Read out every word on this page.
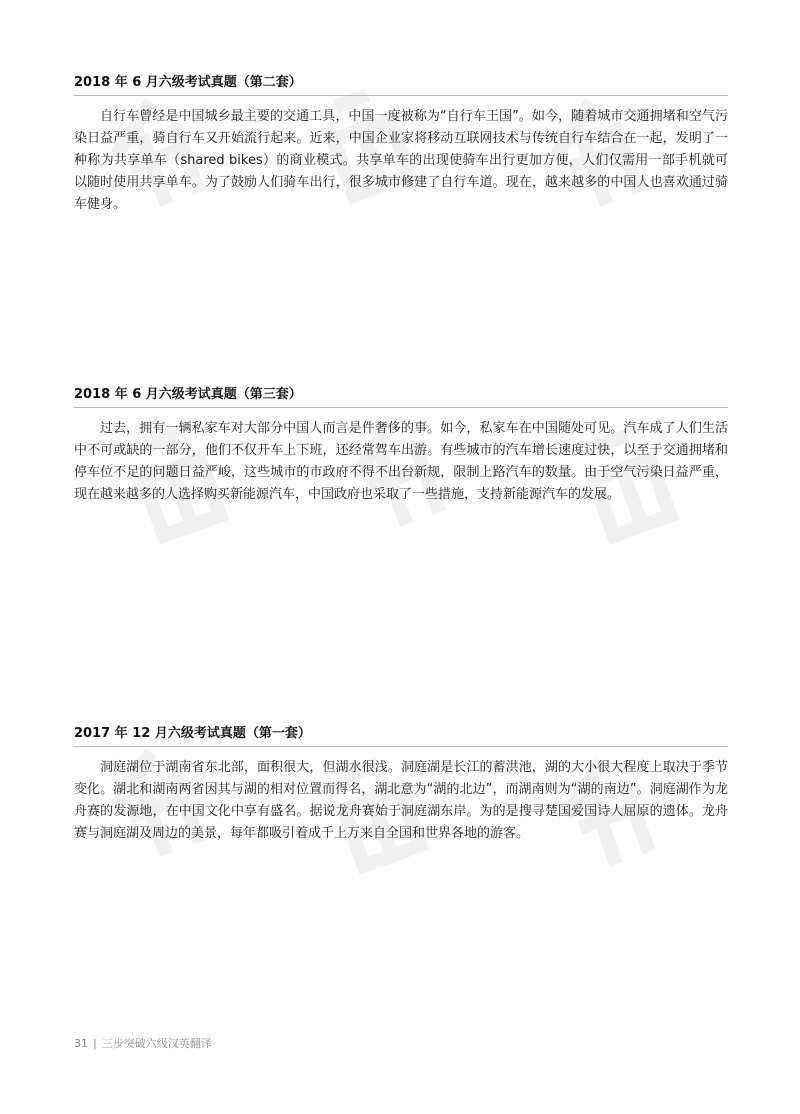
2018 年 6 月六级考试真题（第二套）

自行车曾经是中国城乡最主要的交通工具，中国一度被称为“自行车王国”。如今，随着城市交通拥堵和空气污染日益严重，骑自行车又开始流行起来。近来，中国企业家将移动互联网技术与传统自行车结合在一起，发明了一种称为共享单车（shared bikes）的商业模式。共享单车的出现使骑车出行更加方便，人们仅需用一部手机就可以随时使用共享单车。为了鼓励人们骑车出行，很多城市修建了自行车道。现在，越来越多的中国人也喜欢通过骑车健身。

2018 年 6 月六级考试真题（第三套）

过去，拥有一辆私家车对大部分中国人而言是件奢侈的事。如今，私家车在中国随处可见。汽车成了人们生活中不可或缺的一部分，他们不仅开车上下班，还经常驾车出游。有些城市的汽车增长速度过快，以至于交通拥堵和停车位不足的问题日益严峻，这些城市的市政府不得不出台新规，限制上路汽车的数量。由于空气污染日益严重，现在越来越多的人选择购买新能源汽车，中国政府也采取了一些措施，支持新能源汽车的发展。

2017 年 12 月六级考试真题（第一套）

洞庭湖位于湖南省东北部，面积很大，但湖水很浅。洞庭湖是长江的蓄洪池，湖的大小很大程度上取决于季节变化。湖北和湖南两省因其与湖的相对位置而得名，湖北意为“湖的北边”，而湖南则为“湖的南边”。洞庭湖作为龙舟赛的发源地，在中国文化中享有盛名。据说龙舟赛始于洞庭湖东岸。为的是搜寻楚国爱国诗人屈原的遗体。龙舟赛与洞庭湖及周边的美景，每年都吸引着成千上万来自全国和世界各地的游客。

31 | 三步突破六级汉英翻译
